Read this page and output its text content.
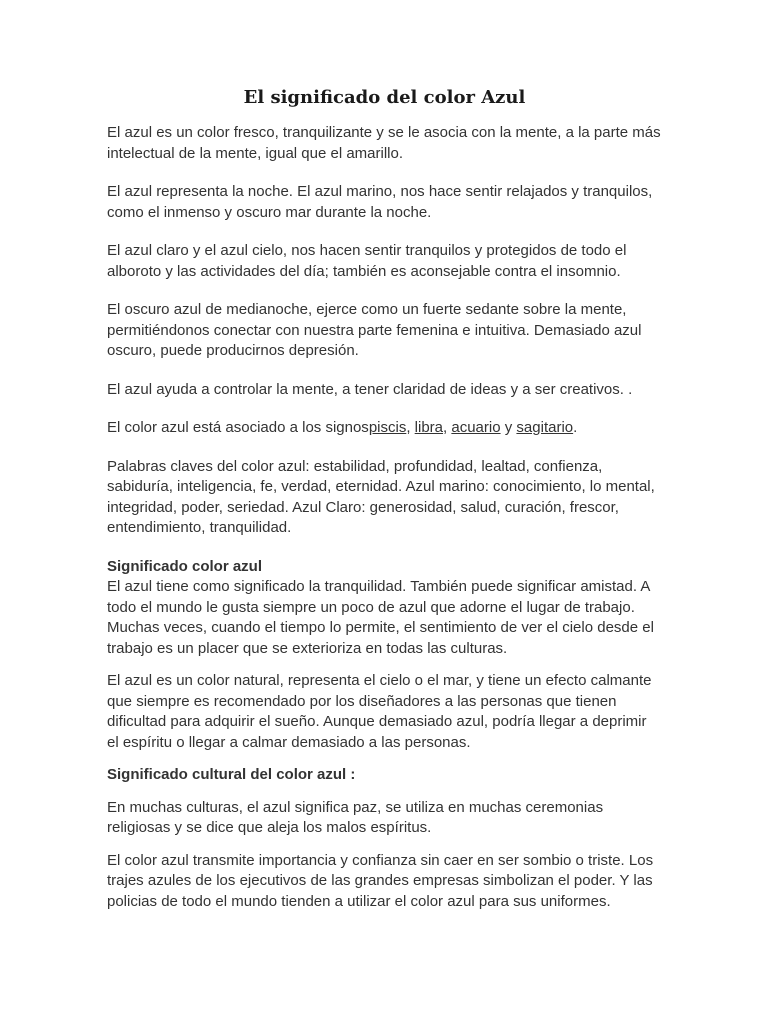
El significado del color Azul

El azul es un color fresco, tranquilizante y se le asocia con la mente, a la parte más intelectual de la mente, igual que el amarillo.

El azul representa la noche. El azul marino, nos hace sentir relajados y tranquilos, como el inmenso y oscuro mar durante la noche.

El azul claro y el azul cielo, nos hacen sentir tranquilos y protegidos de todo el alboroto y las actividades del día; también es aconsejable contra el insomnio.

El oscuro azul de medianoche, ejerce como un fuerte sedante sobre la mente, permitiéndonos conectar con nuestra parte femenina e intuitiva. Demasiado azul oscuro, puede producirnos depresión.

El azul ayuda a controlar la mente, a tener claridad de ideas y a ser creativos. .

El color azul está asociado a los signospiscis, libra, acuario y sagitario.

Palabras claves del color azul: estabilidad, profundidad, lealtad, confienza, sabiduría, inteligencia, fe, verdad, eternidad. Azul marino: conocimiento, lo mental, integridad, poder, seriedad. Azul Claro: generosidad, salud, curación, frescor, entendimiento, tranquilidad.

Significado color azul
El azul tiene como significado la tranquilidad. También puede significar amistad. A todo el mundo le gusta siempre un poco de azul que adorne el lugar de trabajo. Muchas veces, cuando el tiempo lo permite, el sentimiento de ver el cielo desde el trabajo es un placer que se exterioriza en todas las culturas.

El azul es un color natural, representa el cielo o el mar, y tiene un efecto calmante que siempre es recomendado por los diseñadores a las personas que tienen dificultad para adquirir el sueño. Aunque demasiado azul, podría llegar a deprimir el espíritu o llegar a calmar demasiado a las personas.

Significado cultural del color azul :

En muchas culturas, el azul significa paz, se utiliza en muchas ceremonias religiosas y se dice que aleja los malos espíritus.

El color azul transmite importancia y confianza sin caer en ser sombio o triste. Los trajes azules de los ejecutivos de las grandes empresas simbolizan el poder. Y las policias de todo el mundo tienden a utilizar el color azul para sus uniformes.
